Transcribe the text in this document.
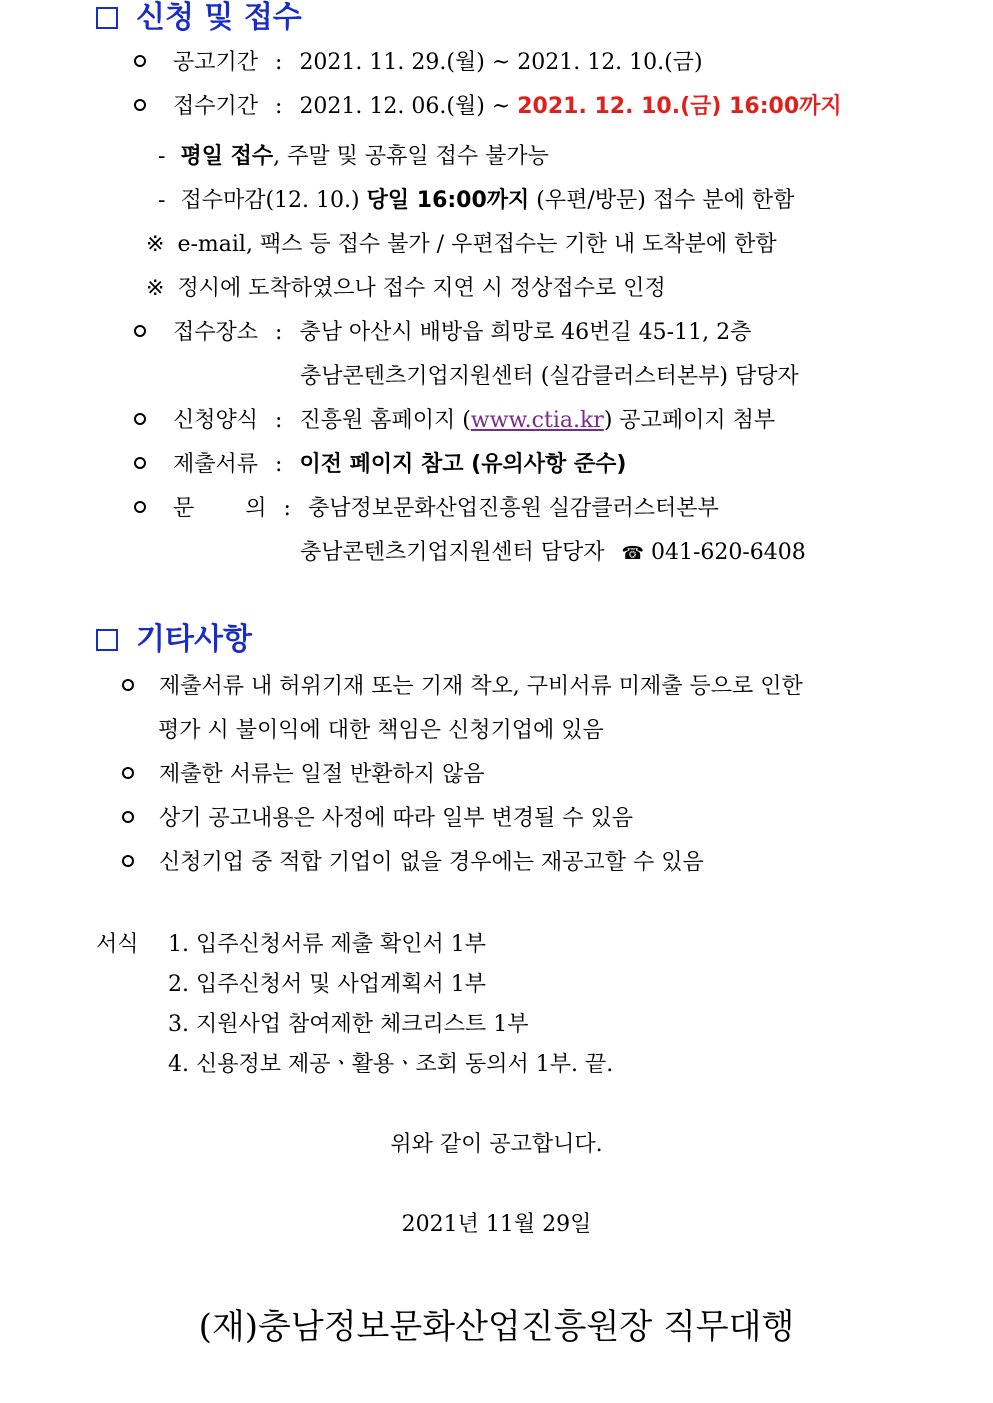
신청 및 접수
공고기간 : 2021. 11. 29.(월) ~ 2021. 12. 10.(금)
접수기간 : 2021. 12. 06.(월) ~ 2021. 12. 10.(금) 16:00까지
- 평일 접수, 주말 및 공휴일 접수 불가능
- 접수마감(12. 10.) 당일 16:00까지 (우편/방문) 접수 분에 한함
※ e-mail, 팩스 등 접수 불가 / 우편접수는 기한 내 도착분에 한함
※ 정시에 도착하였으나 접수 지연 시 정상접수로 인정
접수장소 : 충남 아산시 배방읍 희망로 46번길 45-11, 2층
충남콘텐츠기업지원센터 (실감클러스터본부) 담당자
신청양식 : 진흥원 홈페이지 (www.ctia.kr) 공고페이지 첨부
제출서류 : 이전 페이지 참고 (유의사항 준수)
문 의 : 충남정보문화산업진흥원 실감클러스터본부
충남콘텐츠기업지원센터 담당자 ☎ 041-620-6408
기타사항
제출서류 내 허위기재 또는 기재 착오, 구비서류 미제출 등으로 인한
평가 시 불이익에 대한 책임은 신청기업에 있음
제출한 서류는 일절 반환하지 않음
상기 공고내용은 사정에 따라 일부 변경될 수 있음
신청기업 중 적합 기업이 없을 경우에는 재공고할 수 있음
서식 1. 입주신청서류 제출 확인서 1부
2. 입주신청서 및 사업계획서 1부
3. 지원사업 참여제한 체크리스트 1부
4. 신용정보 제공ㆍ활용ㆍ조회 동의서 1부. 끝.
위와 같이 공고합니다.
2021년 11월 29일
(재)충남정보문화산업진흥원장 직무대행
